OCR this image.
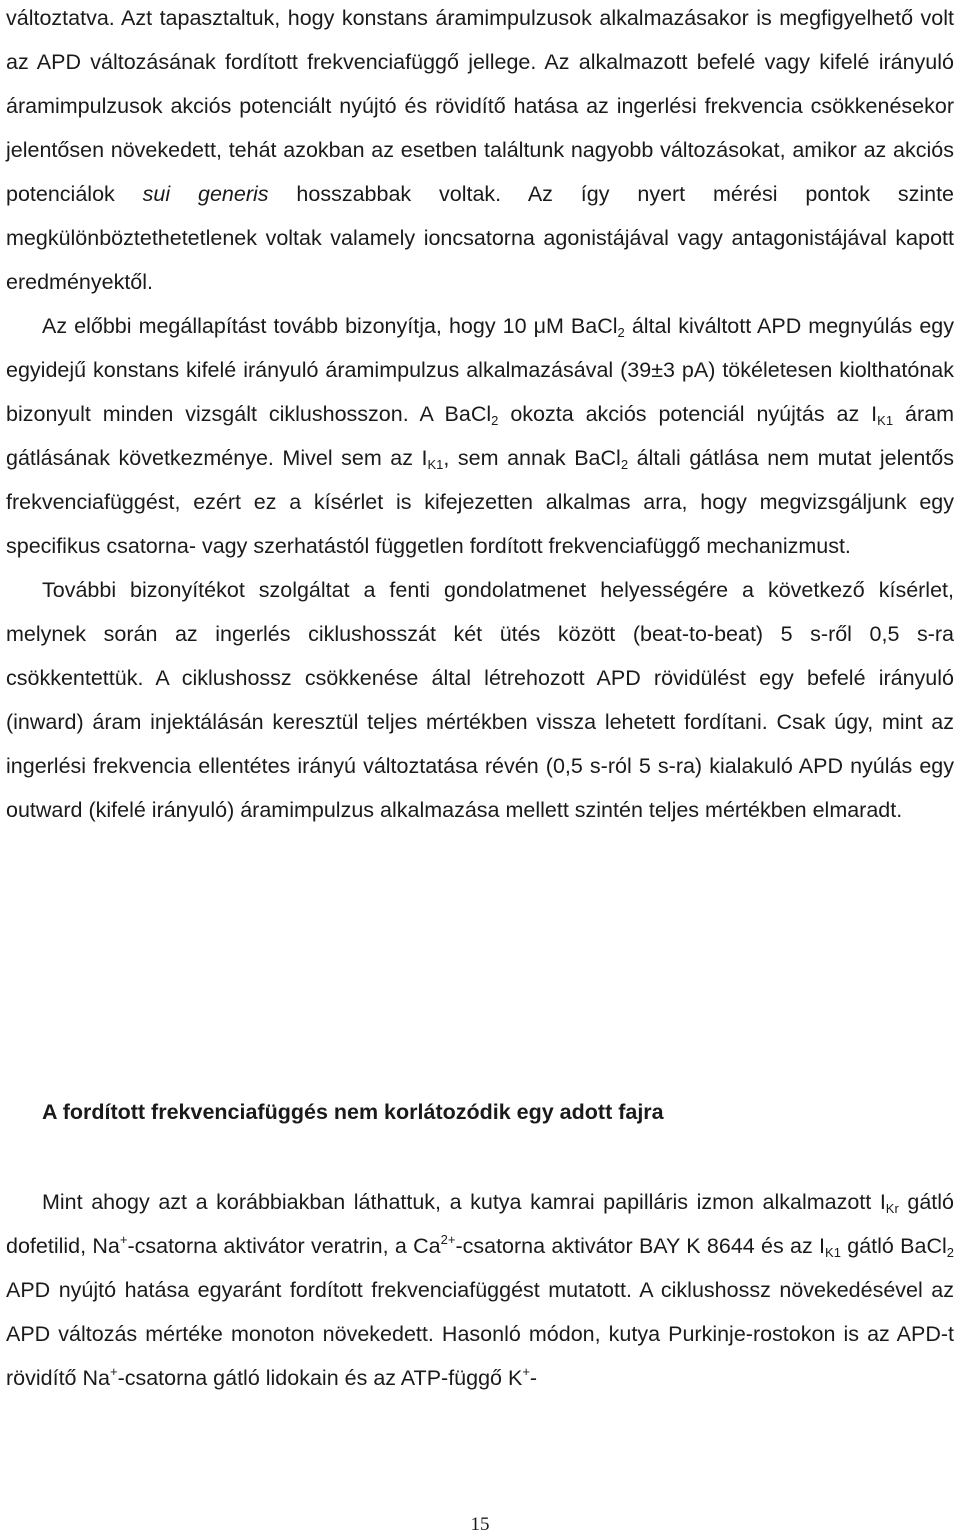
változtatva. Azt tapasztaltuk, hogy konstans áramimpulzusok alkalmazásakor is megfigyelhető volt az APD változásának fordított frekvenciafüggő jellege. Az alkalmazott befelé vagy kifelé irányuló áramimpulzusok akciós potenciált nyújtó és rövidítő hatása az ingerlési frekvencia csökkenésekor jelentősen növekedett, tehát azokban az esetben találtunk nagyobb változásokat, amikor az akciós potenciálok sui generis hosszabbak voltak. Az így nyert mérési pontok szinte megkülönböztethetetlenek voltak valamely ioncsatorna agonistájával vagy antagonistájával kapott eredményektől.

Az előbbi megállapítást tovább bizonyítja, hogy 10 μM BaCl$_2$ által kiváltott APD megnyúlás egy egyidejű konstans kifelé irányuló áramimpulzus alkalmazásával (39±3 pA) tökéletesen kiolthatónak bizonyult minden vizsgált ciklushosszon. A BaCl$_2$ okozta akciós potenciál nyújtás az $I_{K1}$ áram gátlásának következménye. Mivel sem az $I_{K1}$, sem annak BaCl$_2$ általi gátlása nem mutat jelentős frekvenciafüggést, ezért ez a kísérlet is kifejezetten alkalmas arra, hogy megvizsgáljunk egy specifikus csatorna- vagy szerhatástól független fordított frekvenciafüggő mechanizmust.

További bizonyítékot szolgáltat a fenti gondolatmenet helyességére a következő kísérlet, melynek során az ingerlés ciklushosszát két ütés között (beat-to-beat) 5 s-ről 0,5 s-ra csökkentettük. A ciklushossz csökkenése által létrehozott APD rövidülést egy befelé irányuló (inward) áram injektálásán keresztül teljes mértékben vissza lehetett fordítani. Csak úgy, mint az ingerlési frekvencia ellentétes irányú változtatása révén (0,5 s-ról 5 s-ra) kialakuló APD nyúlás egy outward (kifelé irányuló) áramimpulzus alkalmazása mellett szintén teljes mértékben elmaradt.

A fordított frekvenciafüggés nem korlátozódik egy adott fajra

Mint ahogy azt a korábbiakban láthattuk, a kutya kamrai papilláris izmon alkalmazott $I_{Kr}$ gátló dofetilid, Na+-csatorna aktivátor veratrin, a $Ca^{2+}$-csatorna aktivátor BAY K 8644 és az $I_{K1}$ gátló BaCl$_2$ APD nyújtó hatása egyaránt fordított frekvenciafüggést mutatott. A ciklushossz növekedésével az APD változás mértéke monoton növekedett. Hasonló módon, kutya Purkinje-rostokon is az APD-t rövidítő Na+-csatorna gátló lidokain és az ATP-függő K+-

15
